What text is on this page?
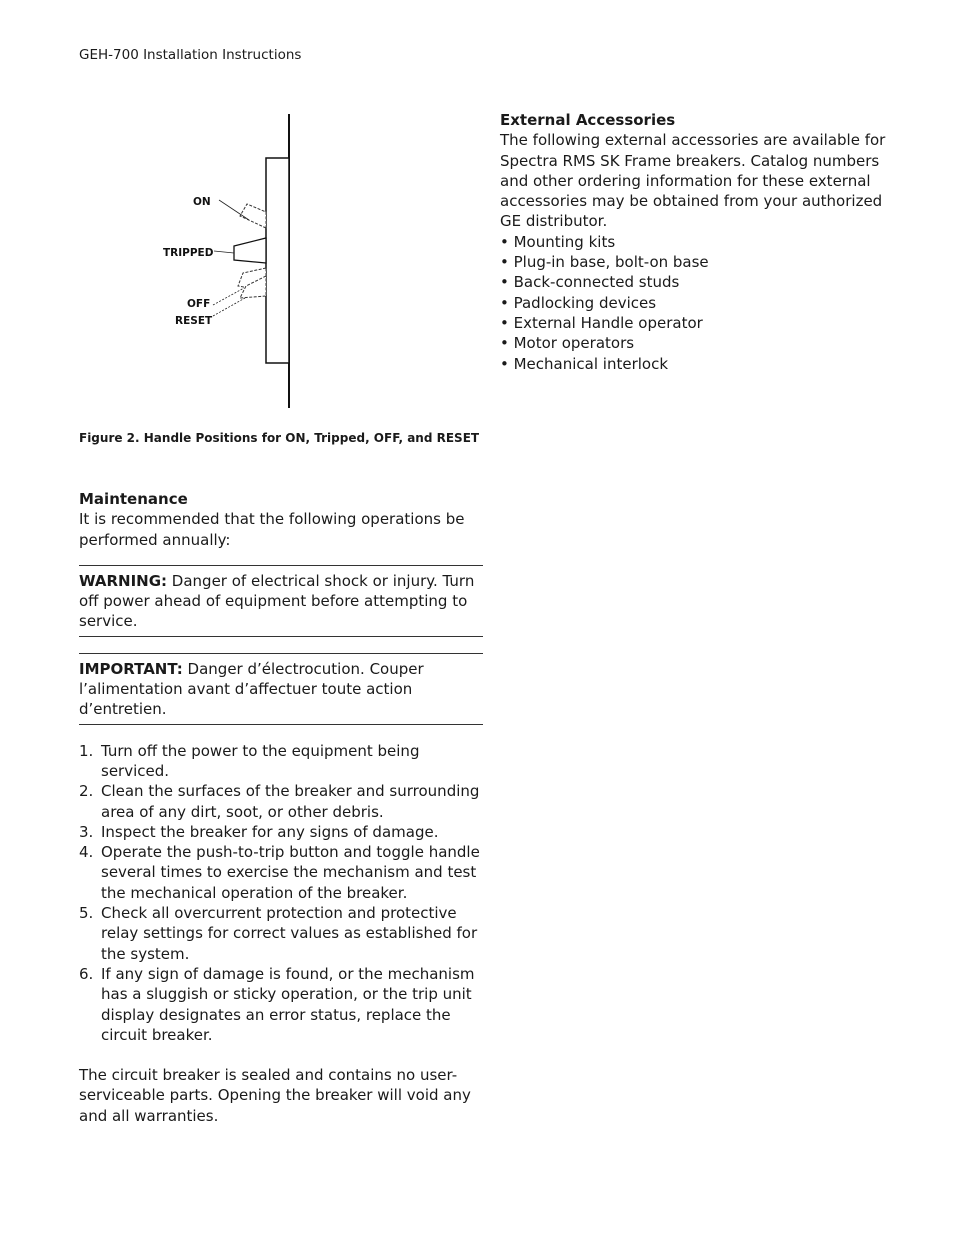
GEH-700 Installation Instructions
ON
TRIPPED
OFF
RESET
Figure 2. Handle Positions for ON, Tripped, OFF, and RESET
Maintenance
It is recommended that the following operations be performed annually:
WARNING: Danger of electrical shock or injury. Turn off power ahead of equipment before attempting to service.
IMPORTANT: Danger d’électrocution. Couper l’alimentation avant d’affectuer toute action d’entretien.
1. Turn off the power to the equipment being serviced.
2. Clean the surfaces of the breaker and surrounding area of any dirt, soot, or other debris.
3. Inspect the breaker for any signs of damage.
4. Operate the push-to-trip button and toggle handle several times to exercise the mechanism and test the mechanical operation of the breaker.
5. Check all overcurrent protection and protective relay settings for correct values as established for the system.
6. If any sign of damage is found, or the mechanism has a sluggish or sticky operation, or the trip unit display designates an error status, replace the circuit breaker.
The circuit breaker is sealed and contains no user-serviceable parts. Opening the breaker will void any and all warranties.
External Accessories
The following external accessories are available for Spectra RMS SK Frame breakers. Catalog numbers and other ordering information for these external accessories may be obtained from your authorized GE distributor.
• Mounting kits
• Plug-in base, bolt-on base
• Back-connected studs
• Padlocking devices
• External Handle operator
• Motor operators
• Mechanical interlock
